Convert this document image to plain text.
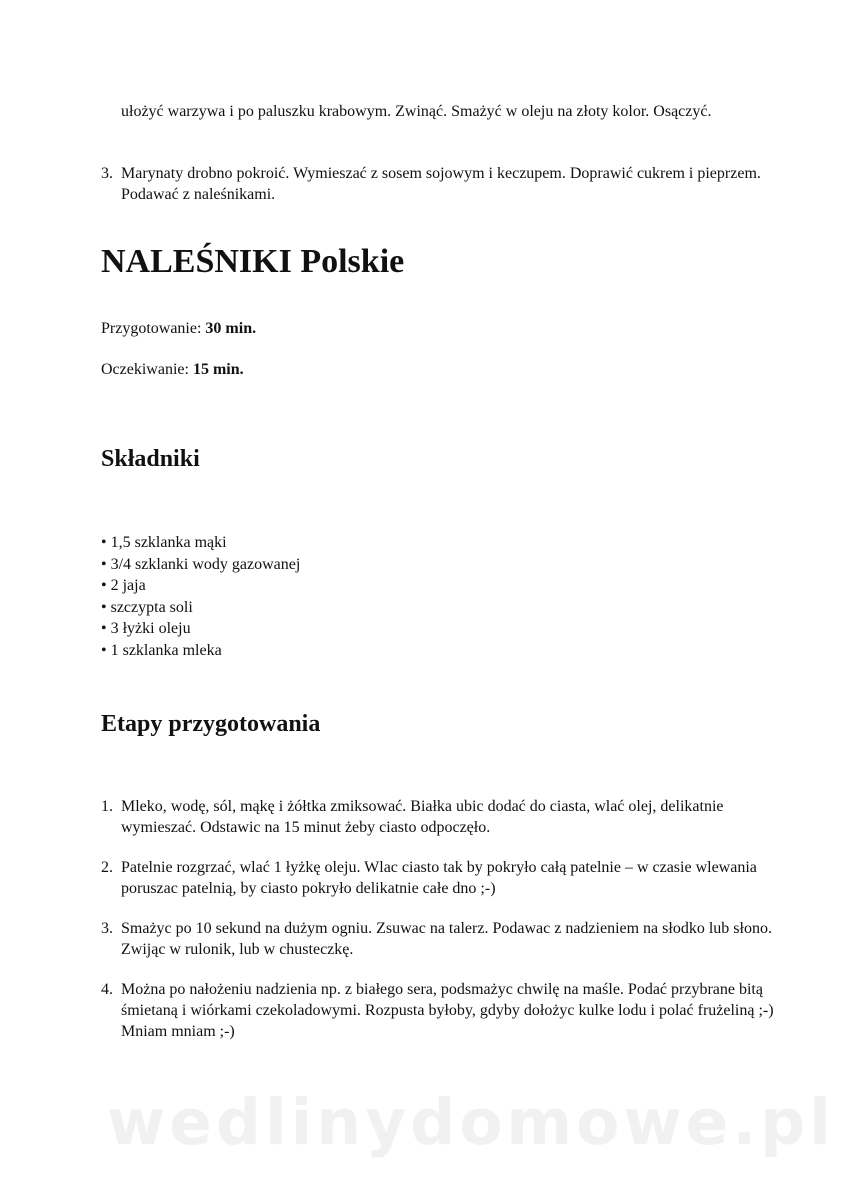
ułożyć warzywa i po paluszku krabowym. Zwinąć. Smażyć w oleju na złoty kolor. Osączyć.
3. Marynaty drobno pokroić. Wymieszać z sosem sojowym i keczupem. Doprawić cukrem i pieprzem. Podawać z naleśnikami.
NALEŚNIKI Polskie
Przygotowanie: 30 min.
Oczekiwanie: 15 min.
Składniki
• 1,5 szklanka mąki
• 3/4 szklanki wody gazowanej
• 2 jaja
• szczypta soli
• 3 łyżki oleju
• 1 szklanka mleka
Etapy przygotowania
1. Mleko, wodę, sól, mąkę i żółtka zmiksować. Białka ubic dodać do ciasta, wlać olej, delikatnie wymieszać. Odstawic na 15 minut żeby ciasto odpoczęło.
2. Patelnie rozgrzać, wlać 1 łyżkę oleju. Wlac ciasto tak by pokryło całą patelnie – w czasie wlewania poruszac patelnią, by ciasto pokryło delikatnie całe dno ;-)
3. Smażyc po 10 sekund na dużym ogniu. Zsuwac na talerz. Podawac z nadzieniem na słodko lub słono. Zwijąc w rulonik, lub w chusteczkę.
4. Można po nałożeniu nadzienia np. z białego sera, podsmażyc chwilę na maśle. Podać przybrane bitą śmietaną i wiórkami czekoladowymi. Rozpusta byłoby, gdyby dołożyc kulke lodu i polać frużeliną ;-) Mniam mniam ;-)
wedlinydomowe.pl
